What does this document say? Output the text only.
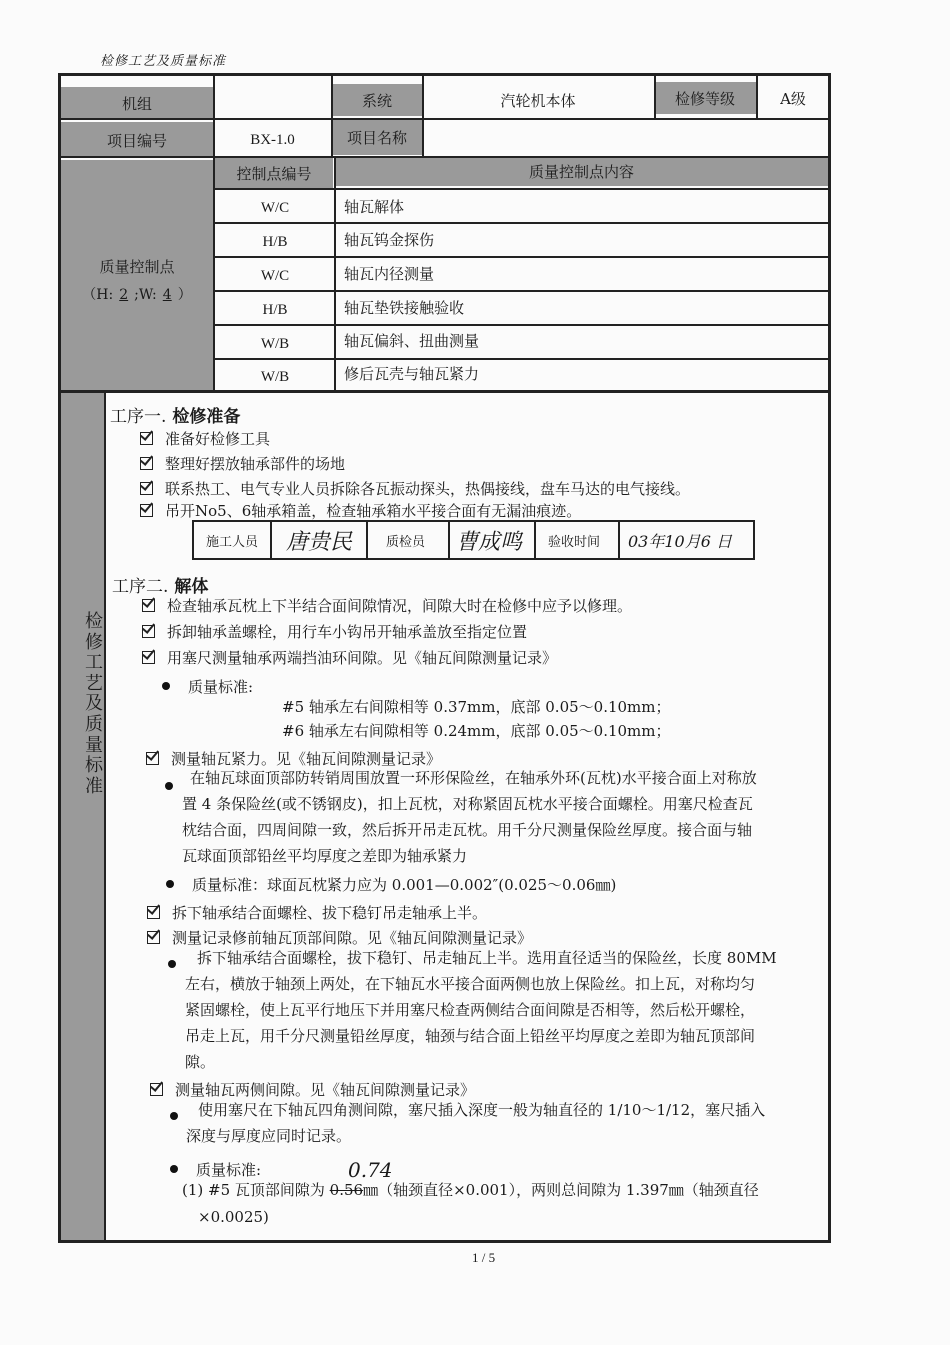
检修工艺及质量标准
机组	系统	汽轮机本体	检修等级	A级
项目编号	BX-1.0	项目名称
质量控制点
（H: 2 ;W: 4 ）
控制点编号	质量控制点内容
W/C	轴瓦解体
H/B	轴瓦钨金探伤
W/C	轴瓦内径测量
H/B	轴瓦垫铁接触验收
W/B	轴瓦偏斜、扭曲测量
W/B	修后瓦壳与轴瓦紧力
检修工艺及质量标准
工序一. 检修准备
准备好检修工具
整理好摆放轴承部件的场地
联系热工、电气专业人员拆除各瓦振动探头，热偶接线，盘车马达的电气接线。
吊开No5、6轴承箱盖，检查轴承箱水平接合面有无漏油痕迹。
施工人员 唐贵民	质检员 曹成鸣 验收时间 03年10月6 日
工序二. 解体
检查轴承瓦枕上下半结合面间隙情况，间隙大时在检修中应予以修理。
拆卸轴承盖螺栓，用行车小钩吊开轴承盖放至指定位置
用塞尺测量轴承两端挡油环间隙。见《轴瓦间隙测量记录》
质量标准:
#5 轴承左右间隙相等 0.37mm，底部 0.05～0.10mm；
#6 轴承左右间隙相等 0.24mm，底部 0.05～0.10mm；
测量轴瓦紧力。见《轴瓦间隙测量记录》
在轴瓦球面顶部防转销周围放置一环形保险丝，在轴承外环(瓦枕)水平接合面上对称放
置 4 条保险丝(或不锈钢皮)，扣上瓦枕，对称紧固瓦枕水平接合面螺栓。用塞尺检查瓦
枕结合面，四周间隙一致，然后拆开吊走瓦枕。用千分尺测量保险丝厚度。接合面与轴
瓦球面顶部铅丝平均厚度之差即为轴承紧力
质量标准：球面瓦枕紧力应为 0.001—0.002″(0.025～0.06㎜)
拆下轴承结合面螺栓、拔下稳钉吊走轴承上半。
测量记录修前轴瓦顶部间隙。见《轴瓦间隙测量记录》
拆下轴承结合面螺栓，拔下稳钉、吊走轴瓦上半。选用直径适当的保险丝，长度 80MM
左右，横放于轴颈上两处，在下轴瓦水平接合面两侧也放上保险丝。扣上瓦，对称均匀
紧固螺栓，使上瓦平行地压下并用塞尺检查两侧结合面间隙是否相等，然后松开螺栓，
吊走上瓦，用千分尺测量铅丝厚度，轴颈与结合面上铅丝平均厚度之差即为轴瓦顶部间
隙。
测量轴瓦两侧间隙。见《轴瓦间隙测量记录》
使用塞尺在下轴瓦四角测间隙，塞尺插入深度一般为轴直径的 1/10～1/12，塞尺插入
深度与厚度应同时记录。
质量标准:	0.74
(1) #5 瓦顶部间隙为 0.56㎜（轴颈直径×0.001），两则总间隙为 1.397㎜（轴颈直径
×0.0025)
1 / 5
